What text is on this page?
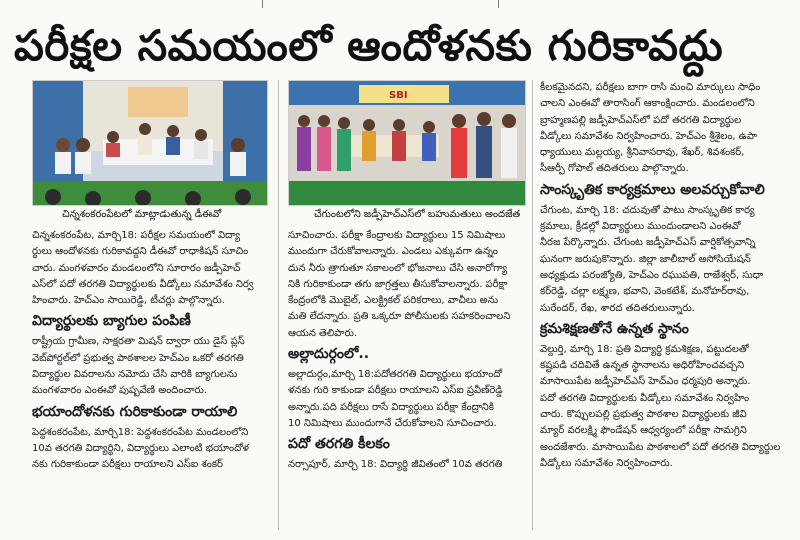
పరీక్షల సమయంలో ఆందోళనకు గురికావద్దు
చిన్నశంకరంపేటలో మాట్లాడుతున్న డీఈవో
SBI
చేగుంటలోని జడ్పీహెచ్ఎస్‌లో బహుమతులు అందజేత

చిన్నశంకరంపేట, మార్చి18: పరీక్షల సమయంలో విద్యా

ర్థులు ఆందోళనకు గురికావద్దని డీఈవో రాధాకిషన్ సూచిం

చారు. మంగళవారం మండలంలోని సూరారం జడ్పీహెచ్

ఎస్‌లో పదో తరగతి విద్యార్థులకు వీడ్కోలు సమావేశం నిర్వ

హించారు. హెచ్ఎం సాయిరెడ్డి, టీచర్లు పాల్గొన్నారు.

విద్యార్థులకు బ్యాగుల పంపిణీ

రాష్ట్రీయ గ్రామీణ, సాక్షరతా మిషన్ ద్వారా యు డైస్ ప్లస్

వెబ్‌పోర్టల్‌లో ప్రభుత్వ పాఠశాలల హెచ్ఎం ఒకరో తరగతి

విద్యార్థుల వివరాలను నమోదు చేసి వారికి బ్యాగులను

మంగళవారం ఎంఈవో పుష్పవేణి అందించారు.

భయాందోళనకు గురికాకుండా రాయాలి

పెద్దశంకరంపేట, మార్చి18: పెద్దశంకరంపేట మండలంలోని

10వ తరగతి విద్యార్థిని, విద్యార్థులు ఎలాంటి భయాందోళ

నకు గురికాకుండా పరీక్షలు రాయాలని ఎస్ఐ శంకర్

సూచించారు. పరీక్షా కేంద్రాలకు విద్యార్థులు 15 నిమిషాలు

ముందుగా చేరుకోవాలన్నారు. ఎండలు ఎక్కువగా ఉన్నం

దున నీరు త్రాగుతూ సకాలంలో భోజనాలు చేసి అనారోగ్యా

నికి గురికాకుండా తగు జాగ్రత్తలు తీసుకోవాలన్నారు. పరీక్షా

కేంద్రంలోకి మొబైల్, ఎలక్ట్రికల్ పరికరాలు, వాచీలు అను

మతి లేదన్నారు. ప్రతి ఒక్కరూ పోలీసులకు సహకరించాలని

ఆయన తెలిపారు.

అల్లాదుర్గంలో..

అల్లాదుర్గం,మార్చి 18:పదోతరగతి విద్యార్థులు భయాందో

ళనకు గురి కాకుండా పరీక్షలు రాయాలని ఎస్ఐ ప్రవీణ్‌రెడ్డి

అన్నారు.పది పరీక్షలు రాసే విద్యార్థులు పరీక్షా కేంద్రానికి

10 నిమిషాలు ముందుగానే చేరుకోవాలని సూచించారు.

పదో తరగతి కీలకం

నర్సాపూర్, మార్చి 18: విద్యార్థి జీవితంలో 10వ తరగతి

కీలకమైనదని, పరీక్షలు బాగా రాసి మంచి మార్కులు సాధిం

చాలని ఎంఈవో తారాసింగ్ ఆకాంక్షించారు. మండలంలోని

బ్రాహ్మణపల్లి జడ్పీహెచ్ఎస్‌లో పదో తరగతి విద్యార్థుల

వీడ్కోలు సమావేశం నిర్వహించారు. హెచ్ఎం శ్రీశైలం, ఉపా

ధ్యాయులు మల్లయ్య, శ్రీనివాసరావు, శేఖర్, శివశంకర్,

సీఆర్పీ గోపాల్ తదితరులు పాల్గొన్నారు.

సాంస్కృతిక కార్యక్రమాలు అలవర్చుకోవాలి

చేగుంట, మార్చి 18: చదువుతో పాటు సాంస్కృతిక కార్య

క్రమాలు, క్రీడల్లో విద్యార్థులు ముందుండాలని ఎంఈవో

నీరజ పేర్కొన్నారు. చేగుంట జడ్పీహెచ్ఎస్ వార్షికోత్సవాన్ని

ఘనంగా జరుపుకొన్నారు. జిల్లా జాలీబాల్ అసోసియేషన్

అధ్యక్షుడు పరంజ్యోతి, హెచ్ఎం రఘుపతి, రాజేశ్వర్, సుధా

కర్‌రెడ్డి, చల్లా లక్ష్మణ, భవాని, వెంకటేశ్, మనోహర్‌రావు,

సురేందర్, రేఖ, శారద తదితరులున్నారు.

క్రమశిక్షణతోనే ఉన్నత స్థానం

వెల్దుర్తి, మార్చి 18: ప్రతి విద్యార్థి క్రమశిక్షణ, పట్టుదలతో

కష్టపడి చదివితే ఉన్నత స్థానాలను అధిరోహించవచ్చని

మాసాయిపేట జడ్పీహెచ్ఎస్ హెచ్ఎం ధర్మపురి అన్నారు.

పదో తరగతి విద్యార్థులకు వీడ్కోలు సమావేశం నిర్వహిం

చారు. కొప్పులపల్లి ప్రభుత్వ పాఠశాల విద్యార్థులకు జీవి

మ్యార్ వరలక్ష్మి ఫౌండేషన్ ఆధ్వర్యంలో పరీక్షా సామగ్రిని

అందజేశారు. మాసాయిపేట పాఠశాలలో పదో తరగతి విద్యార్థుల

వీడ్కోలు సమావేశం నిర్వహించారు.
